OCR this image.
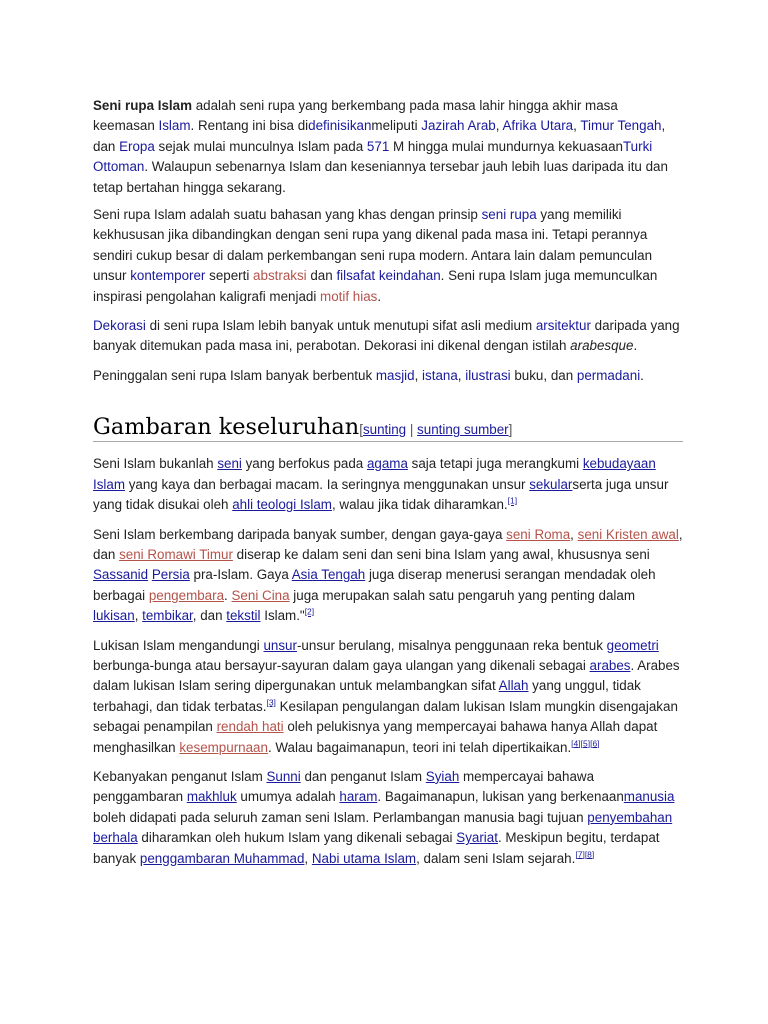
Seni rupa Islam adalah seni rupa yang berkembang pada masa lahir hingga akhir masa keemasan Islam. Rentang ini bisa didefinisikanmeliputi Jazirah Arab, Afrika Utara, Timur Tengah, dan Eropa sejak mulai munculnya Islam pada 571 M hingga mulai mundurnya kekuasaanTurki Ottoman. Walaupun sebenarnya Islam dan keseniannya tersebar jauh lebih luas daripada itu dan tetap bertahan hingga sekarang.

Seni rupa Islam adalah suatu bahasan yang khas dengan prinsip seni rupa yang memiliki kekhususan jika dibandingkan dengan seni rupa yang dikenal pada masa ini. Tetapi perannya sendiri cukup besar di dalam perkembangan seni rupa modern. Antara lain dalam pemunculan unsur kontemporer seperti abstraksi dan filsafat keindahan. Seni rupa Islam juga memunculkan inspirasi pengolahan kaligrafi menjadi motif hias.

Dekorasi di seni rupa Islam lebih banyak untuk menutupi sifat asli medium arsitektur daripada yang banyak ditemukan pada masa ini, perabotan. Dekorasi ini dikenal dengan istilah arabesque.

Peninggalan seni rupa Islam banyak berbentuk masjid, istana, ilustrasi buku, dan permadani.

Gambaran keseluruhan[sunting | sunting sumber]

Seni Islam bukanlah seni yang berfokus pada agama saja tetapi juga merangkumi kebudayaan Islam yang kaya dan berbagai macam. Ia seringnya menggunakan unsur sekularserta juga unsur yang tidak disukai oleh ahli teologi Islam, walau jika tidak diharamkan.[1]

Seni Islam berkembang daripada banyak sumber, dengan gaya-gaya seni Roma, seni Kristen awal, dan seni Romawi Timur diserap ke dalam seni dan seni bina Islam yang awal, khususnya seni Sassanid Persia pra-Islam. Gaya Asia Tengah juga diserap menerusi serangan mendadak oleh berbagai pengembara. Seni Cina juga merupakan salah satu pengaruh yang penting dalam lukisan, tembikar, dan tekstil Islam."[2]

Lukisan Islam mengandungi unsur-unsur berulang, misalnya penggunaan reka bentuk geometri berbunga-bunga atau bersayur-sayuran dalam gaya ulangan yang dikenali sebagai arabes. Arabes dalam lukisan Islam sering dipergunakan untuk melambangkan sifat Allah yang unggul, tidak terbahagi, dan tidak terbatas.[3] Kesilapan pengulangan dalam lukisan Islam mungkin disengajakan sebagai penampilan rendah hati oleh pelukisnya yang mempercayai bahawa hanya Allah dapat menghasilkan kesempurnaan. Walau bagaimanapun, teori ini telah dipertikaikan.[4][5][6]

Kebanyakan penganut Islam Sunni dan penganut Islam Syiah mempercayai bahawa penggambaran makhluk umumya adalah haram. Bagaimanapun, lukisan yang berkenaanmanusia boleh didapati pada seluruh zaman seni Islam. Perlambangan manusia bagi tujuan penyembahan berhala diharamkan oleh hukum Islam yang dikenali sebagai Syariat. Meskipun begitu, terdapat banyak penggambaran Muhammad, Nabi utama Islam, dalam seni Islam sejarah.[7][8]
